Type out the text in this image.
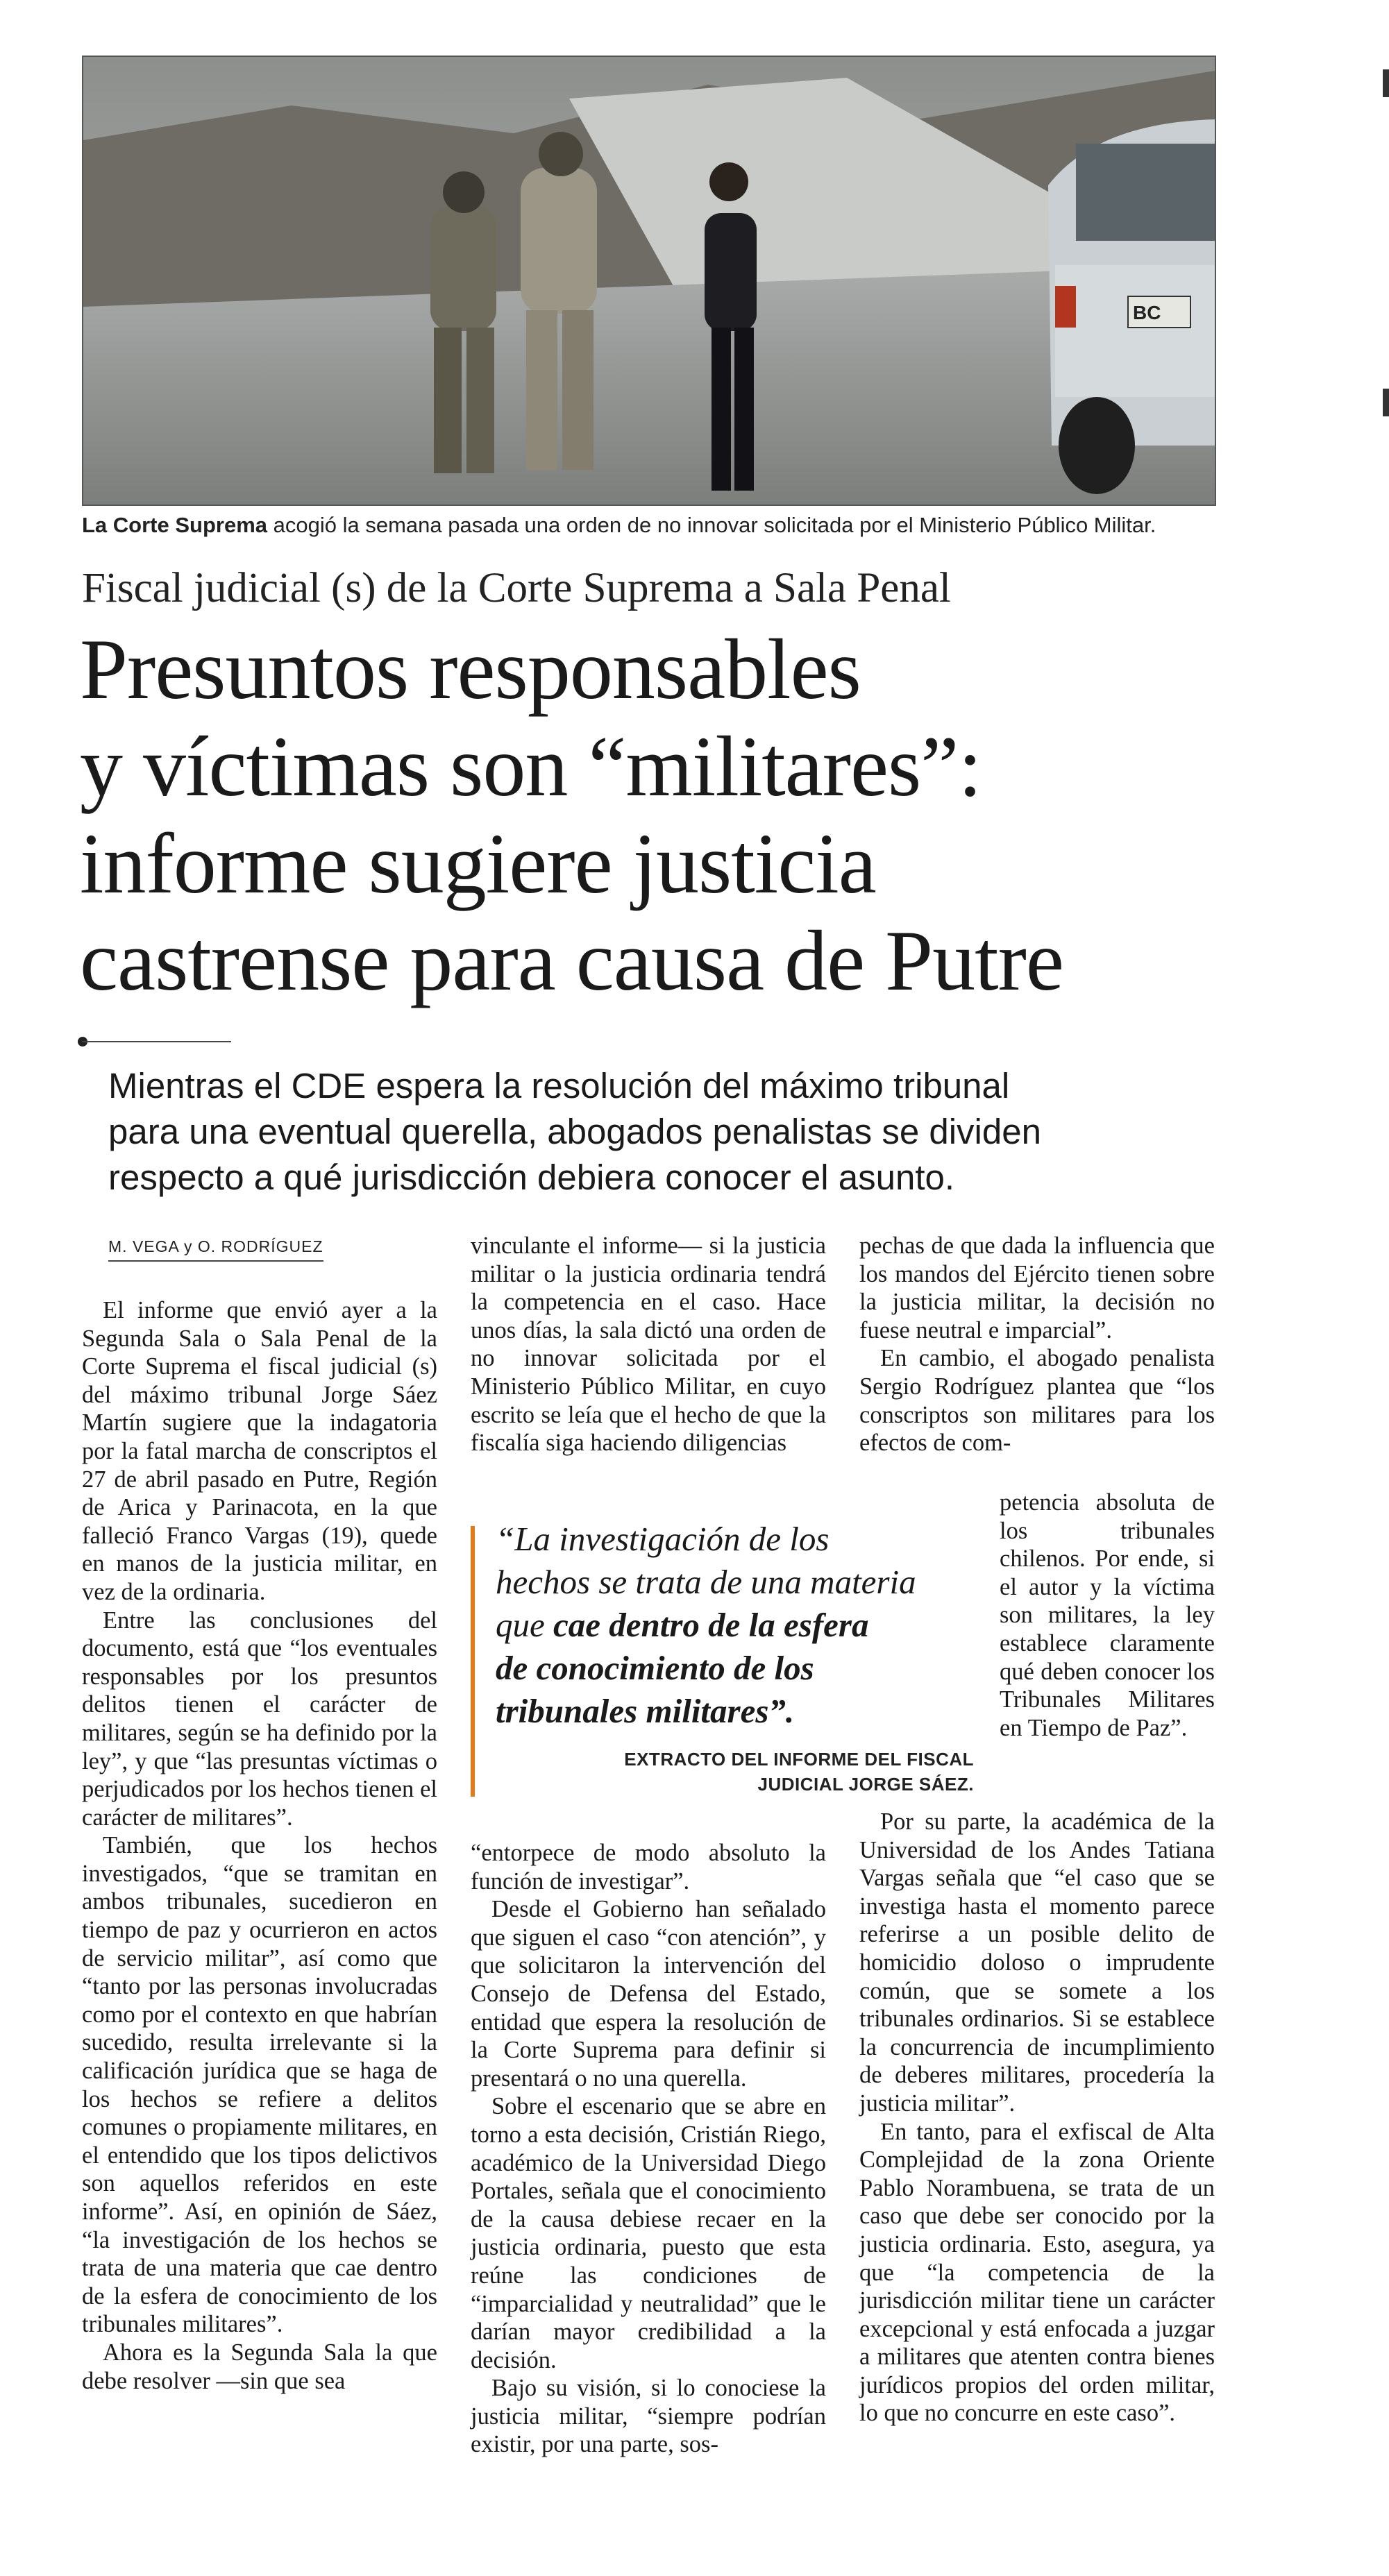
BC
La Corte Suprema acogió la semana pasada una orden de no innovar solicitada por el Ministerio Público Militar.
Fiscal judicial (s) de la Corte Suprema a Sala Penal
Presuntos responsables
y víctimas son “militares”:
informe sugiere justicia
castrense para causa de Putre
Mientras el CDE espera la resolución del máximo tribunal
para una eventual querella, abogados penalistas se dividen
respecto a qué jurisdicción debiera conocer el asunto.
M. VEGA y O. RODRÍGUEZ

El informe que envió ayer a la Segunda Sala o Sala Penal de la Corte Suprema el fiscal judicial (s) del máximo tribunal Jorge Sáez Martín sugiere que la indagatoria por la fatal marcha de conscriptos el 27 de abril pasado en Putre, Región de Arica y Parinacota, en la que falleció Franco Vargas (19), quede en manos de la justicia militar, en vez de la ordinaria.

Entre las conclusiones del documento, está que “los eventuales responsables por los presuntos delitos tienen el carácter de militares, según se ha definido por la ley”, y que “las presuntas víctimas o perjudicados por los hechos tienen el carácter de militares”.

También, que los hechos investigados, “que se tramitan en ambos tribunales, sucedieron en tiempo de paz y ocurrieron en actos de servicio militar”, así como que “tanto por las personas involucradas como por el contexto en que habrían sucedido, resulta irrelevante si la calificación jurídica que se haga de los hechos se refiere a delitos comunes o propiamente militares, en el entendido que los tipos delictivos son aquellos referidos en este informe”. Así, en opinión de Sáez, “la investigación de los hechos se trata de una materia que cae dentro de la esfera de conocimiento de los tribunales militares”.

Ahora es la Segunda Sala la que debe resolver —sin que sea

vinculante el informe— si la justicia militar o la justicia ordinaria tendrá la competencia en el caso. Hace unos días, la sala dictó una orden de no innovar solicitada por el Ministerio Público Militar, en cuyo escrito se leía que el hecho de que la fiscalía siga haciendo diligencias

“La investigación de los
hechos se trata de una materia
que cae dentro de la esfera
de conocimiento de los
tribunales militares”.
EXTRACTO DEL INFORME DEL FISCAL
JUDICIAL JORGE SÁEZ.

“entorpece de modo absoluto la función de investigar”.

Desde el Gobierno han señalado que siguen el caso “con atención”, y que solicitaron la intervención del Consejo de Defensa del Estado, entidad que espera la resolución de la Corte Suprema para definir si presentará o no una querella.

Sobre el escenario que se abre en torno a esta decisión, Cristián Riego, académico de la Universidad Diego Portales, señala que el conocimiento de la causa debiese recaer en la justicia ordinaria, puesto que esta reúne las condiciones de “imparcialidad y neutralidad” que le darían mayor credibilidad a la decisión.

Bajo su visión, si lo conociese la justicia militar, “siempre podrían existir, por una parte, sos-

pechas de que dada la influencia que los mandos del Ejército tienen sobre la justicia militar, la decisión no fuese neutral e imparcial”.

En cambio, el abogado penalista Sergio Rodríguez plantea que “los conscriptos son militares para los efectos de com-

petencia absoluta de los tribunales chilenos. Por ende, si el autor y la víctima son militares, la ley establece claramente qué deben conocer los Tribunales Militares en Tiempo de Paz”.

Por su parte, la académica de la Universidad de los Andes Tatiana Vargas señala que “el caso que se investiga hasta el momento parece referirse a un posible delito de homicidio doloso o imprudente común, que se somete a los tribunales ordinarios. Si se establece la concurrencia de incumplimiento de deberes militares, procedería la justicia militar”.

En tanto, para el exfiscal de Alta Complejidad de la zona Oriente Pablo Norambuena, se trata de un caso que debe ser conocido por la justicia ordinaria. Esto, asegura, ya que “la competencia de la jurisdicción militar tiene un carácter excepcional y está enfocada a juzgar a militares que atenten contra bienes jurídicos propios del orden militar, lo que no concurre en este caso”.
